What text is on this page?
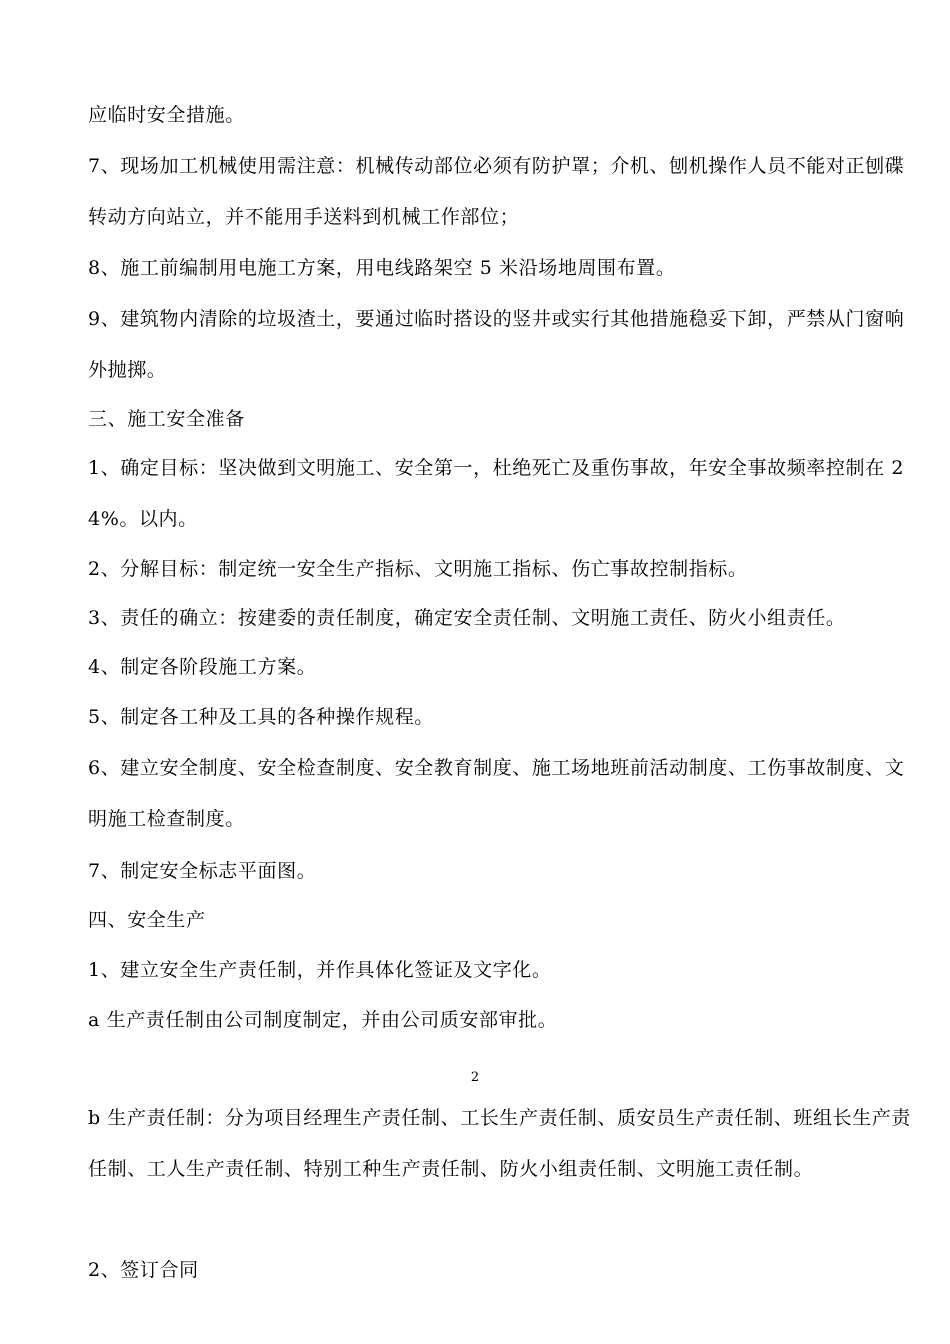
应临时安全措施。
7、现场加工机械使用需注意：机械传动部位必须有防护罩；介机、刨机操作人员不能对正刨碟转动方向站立，并不能用手送料到机械工作部位；
8、施工前编制用电施工方案，用电线路架空 5 米沿场地周围布置。
9、建筑物内清除的垃圾渣土，要通过临时搭设的竖井或实行其他措施稳妥下卸，严禁从门窗响外抛掷。
三、施工安全准备
1、确定目标：坚决做到文明施工、安全第一，杜绝死亡及重伤事故，年安全事故频率控制在 24%。以内。
2、分解目标：制定统一安全生产指标、文明施工指标、伤亡事故控制指标。
3、责任的确立：按建委的责任制度，确定安全责任制、文明施工责任、防火小组责任。
4、制定各阶段施工方案。
5、制定各工种及工具的各种操作规程。
6、建立安全制度、安全检查制度、安全教育制度、施工场地班前活动制度、工伤事故制度、文明施工检查制度。
7、制定安全标志平面图。
四、安全生产
1、建立安全生产责任制，并作具体化签证及文字化。
a 生产责任制由公司制度制定，并由公司质安部审批。
2
b 生产责任制：分为项目经理生产责任制、工长生产责任制、质安员生产责任制、班组长生产责任制、工人生产责任制、特别工种生产责任制、防火小组责任制、文明施工责任制。
2、签订合同
